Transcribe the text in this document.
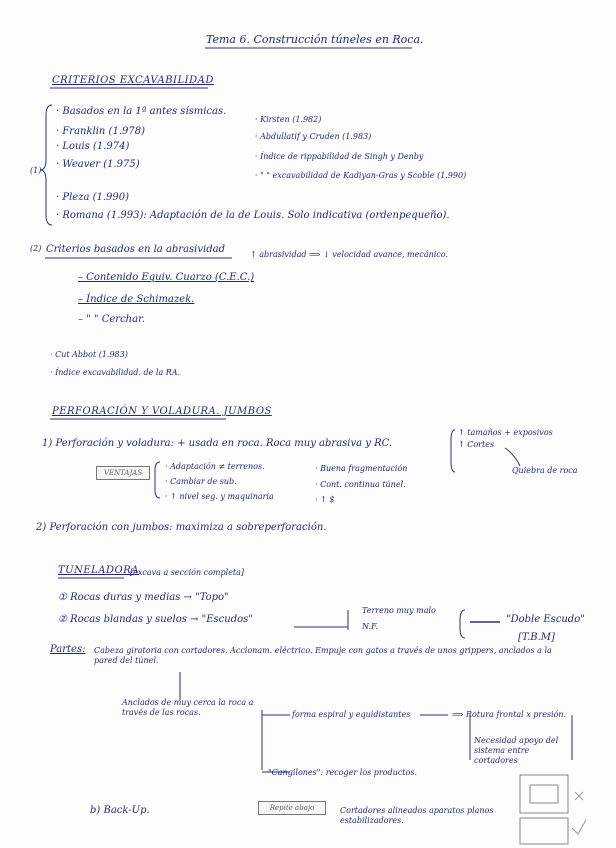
Tema 6. Construcción túneles en Roca.
CRITERIOS EXCAVABILIDAD
· Basados en la 1ª antes sísmicas.
· Franklin (1.978)
· Louis (1.974)
· Weaver (1.975)
· Kirsten (1.982)
· Abdullatif y Cruden (1.983)
· Índice de rippabilidad de Singh y Denby
· " " excavabilidad de Kadiyan-Gras y Scoble (1.990)
(1)
· Pleza (1.990)
· Romana (1.993): Adaptación de la de Louis. Solo indicativa (ordenpequeño).
(2) Criterios basados en la abrasividad	↑ abrasividad ⟹ ↓ velocidad avance, mecánico.
– Contenido Equiv. Cuarzo (C.E.C.)
– Índice de Schimazek.
– " " Cerchar.
· Cut Abbot (1.983)
· Índice excavabilidad. de la RA.
PERFORACIÓN Y VOLADURA. JUMBOS
1) Perforación y voladura: + usada en roca. Roca muy abrasiva y RC.
VENTAJAS
· Adaptación ≠ terrenos.
· Cambiar de sub.
· ↑ nivel seg. y maquinaria
· Buena fragmentación
· Cont. continua túnel.
· ↑ $
↑ tamaños + exposivos
↑ Cortes
Quiebra de roca
2) Perforación con jumbos: maximiza a sobreperforación.
TUNELADORA
[excava a sección completa]
① Rocas duras y medias → "Topo"
② Rocas blandas y suelos → "Escudos"
Terreno muy malo
N.F.
"Doble Escudo"
[T.B.M]
Partes: Cabeza giratoria con cortadores. Accionam. eléctrico. Empuje con gatos a través de unos grippers, anclados a la pared del túnel.
Anclados de muy cerca la roca a través de las rocas.	forma espiral y equidistantes	⟹ Rotura frontal x presión.
Necesidad apoyo del sistema entre cortadores
"Cangilones": recoger los productos.
b) Back-Up.	Repite abajo	Cortadores alineados aparatos planos estabilizadores.
